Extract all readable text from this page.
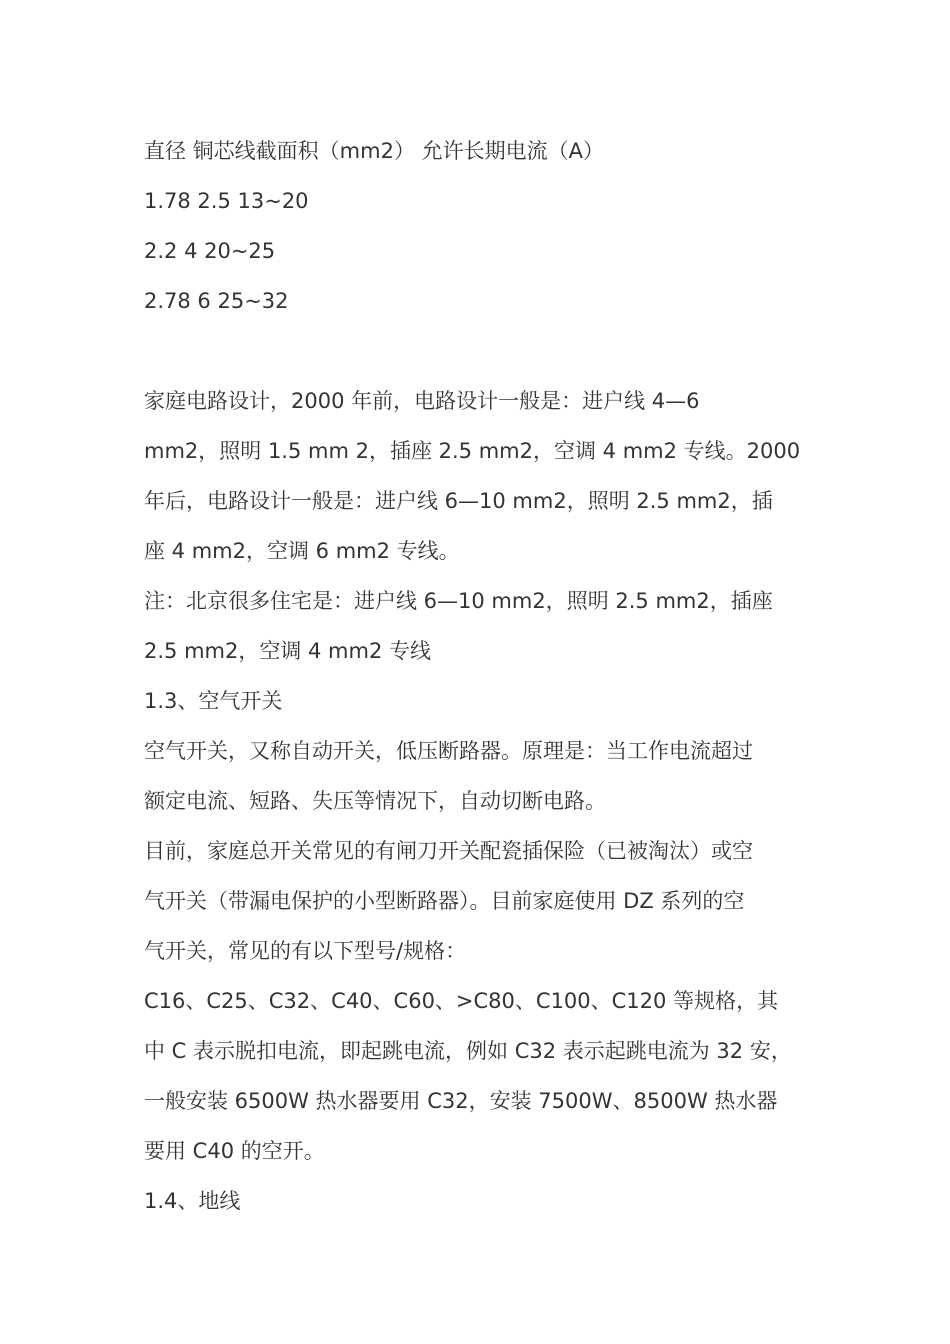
直径 铜芯线截面积（mm2） 允许长期电流（A）
1.78 2.5 13~20
2.2 4 20~25
2.78 6 25~32
家庭电路设计，2000 年前，电路设计一般是：进户线 4—6
mm2，照明 1.5 mm 2，插座 2.5 mm2，空调 4 mm2 专线。2000
年后，电路设计一般是：进户线 6—10 mm2，照明 2.5 mm2，插
座 4 mm2，空调 6 mm2 专线。
注：北京很多住宅是：进户线 6—10 mm2，照明 2.5 mm2，插座
2.5 mm2，空调 4 mm2 专线
1.3、空气开关
空气开关，又称自动开关，低压断路器。原理是：当工作电流超过
额定电流、短路、失压等情况下，自动切断电路。
目前，家庭总开关常见的有闸刀开关配瓷插保险（已被淘汰）或空
气开关（带漏电保护的小型断路器）。目前家庭使用 DZ 系列的空
气开关，常见的有以下型号/规格：
C16、C25、C32、C40、C60、>C80、C100、C120 等规格，其
中 C 表示脱扣电流，即起跳电流，例如 C32 表示起跳电流为 32 安，
一般安装 6500W 热水器要用 C32，安装 7500W、8500W 热水器
要用 C40 的空开。
1.4、地线
